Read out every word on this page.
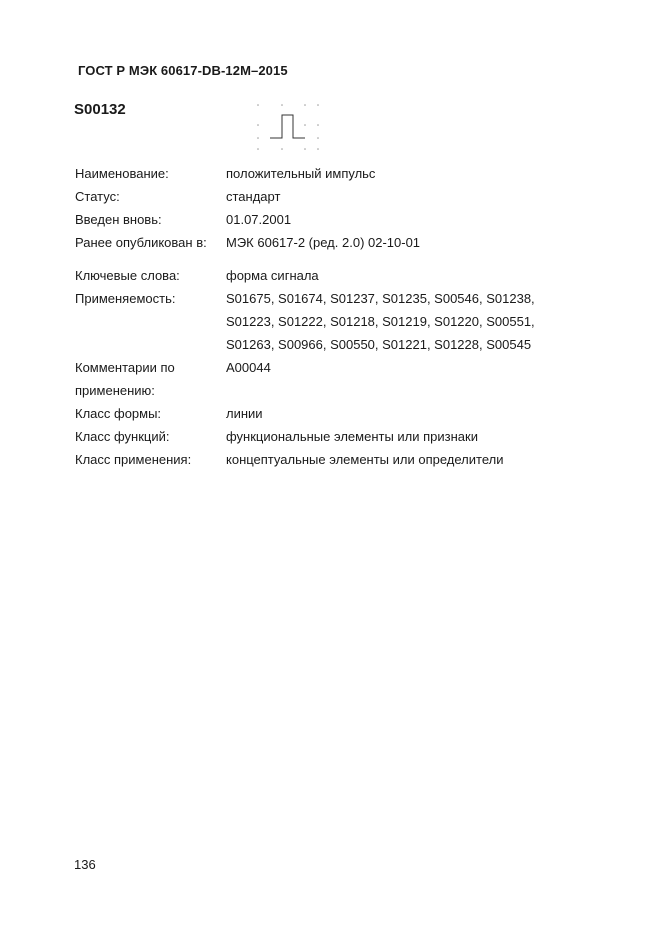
ГОСТ Р МЭК 60617-DB-12M–2015
S00132
Наименование:	положительный импульс
Статус:	стандарт
Введен вновь:	01.07.2001
Ранее опубликован в: МЭК 60617-2 (ред. 2.0) 02-10-01
Ключевые слова:	форма сигнала
Применяемость:	S01675, S01674, S01237, S01235, S00546, S01238,
S01223, S01222, S01218, S01219, S01220, S00551,
S01263, S00966, S00550, S01221, S01228, S00545
Комментарии по	A00044
применению:
Класс формы:	линии
Класс функций:	функциональные элементы или признаки
Класс применения:	концептуальные элементы или определители
136
